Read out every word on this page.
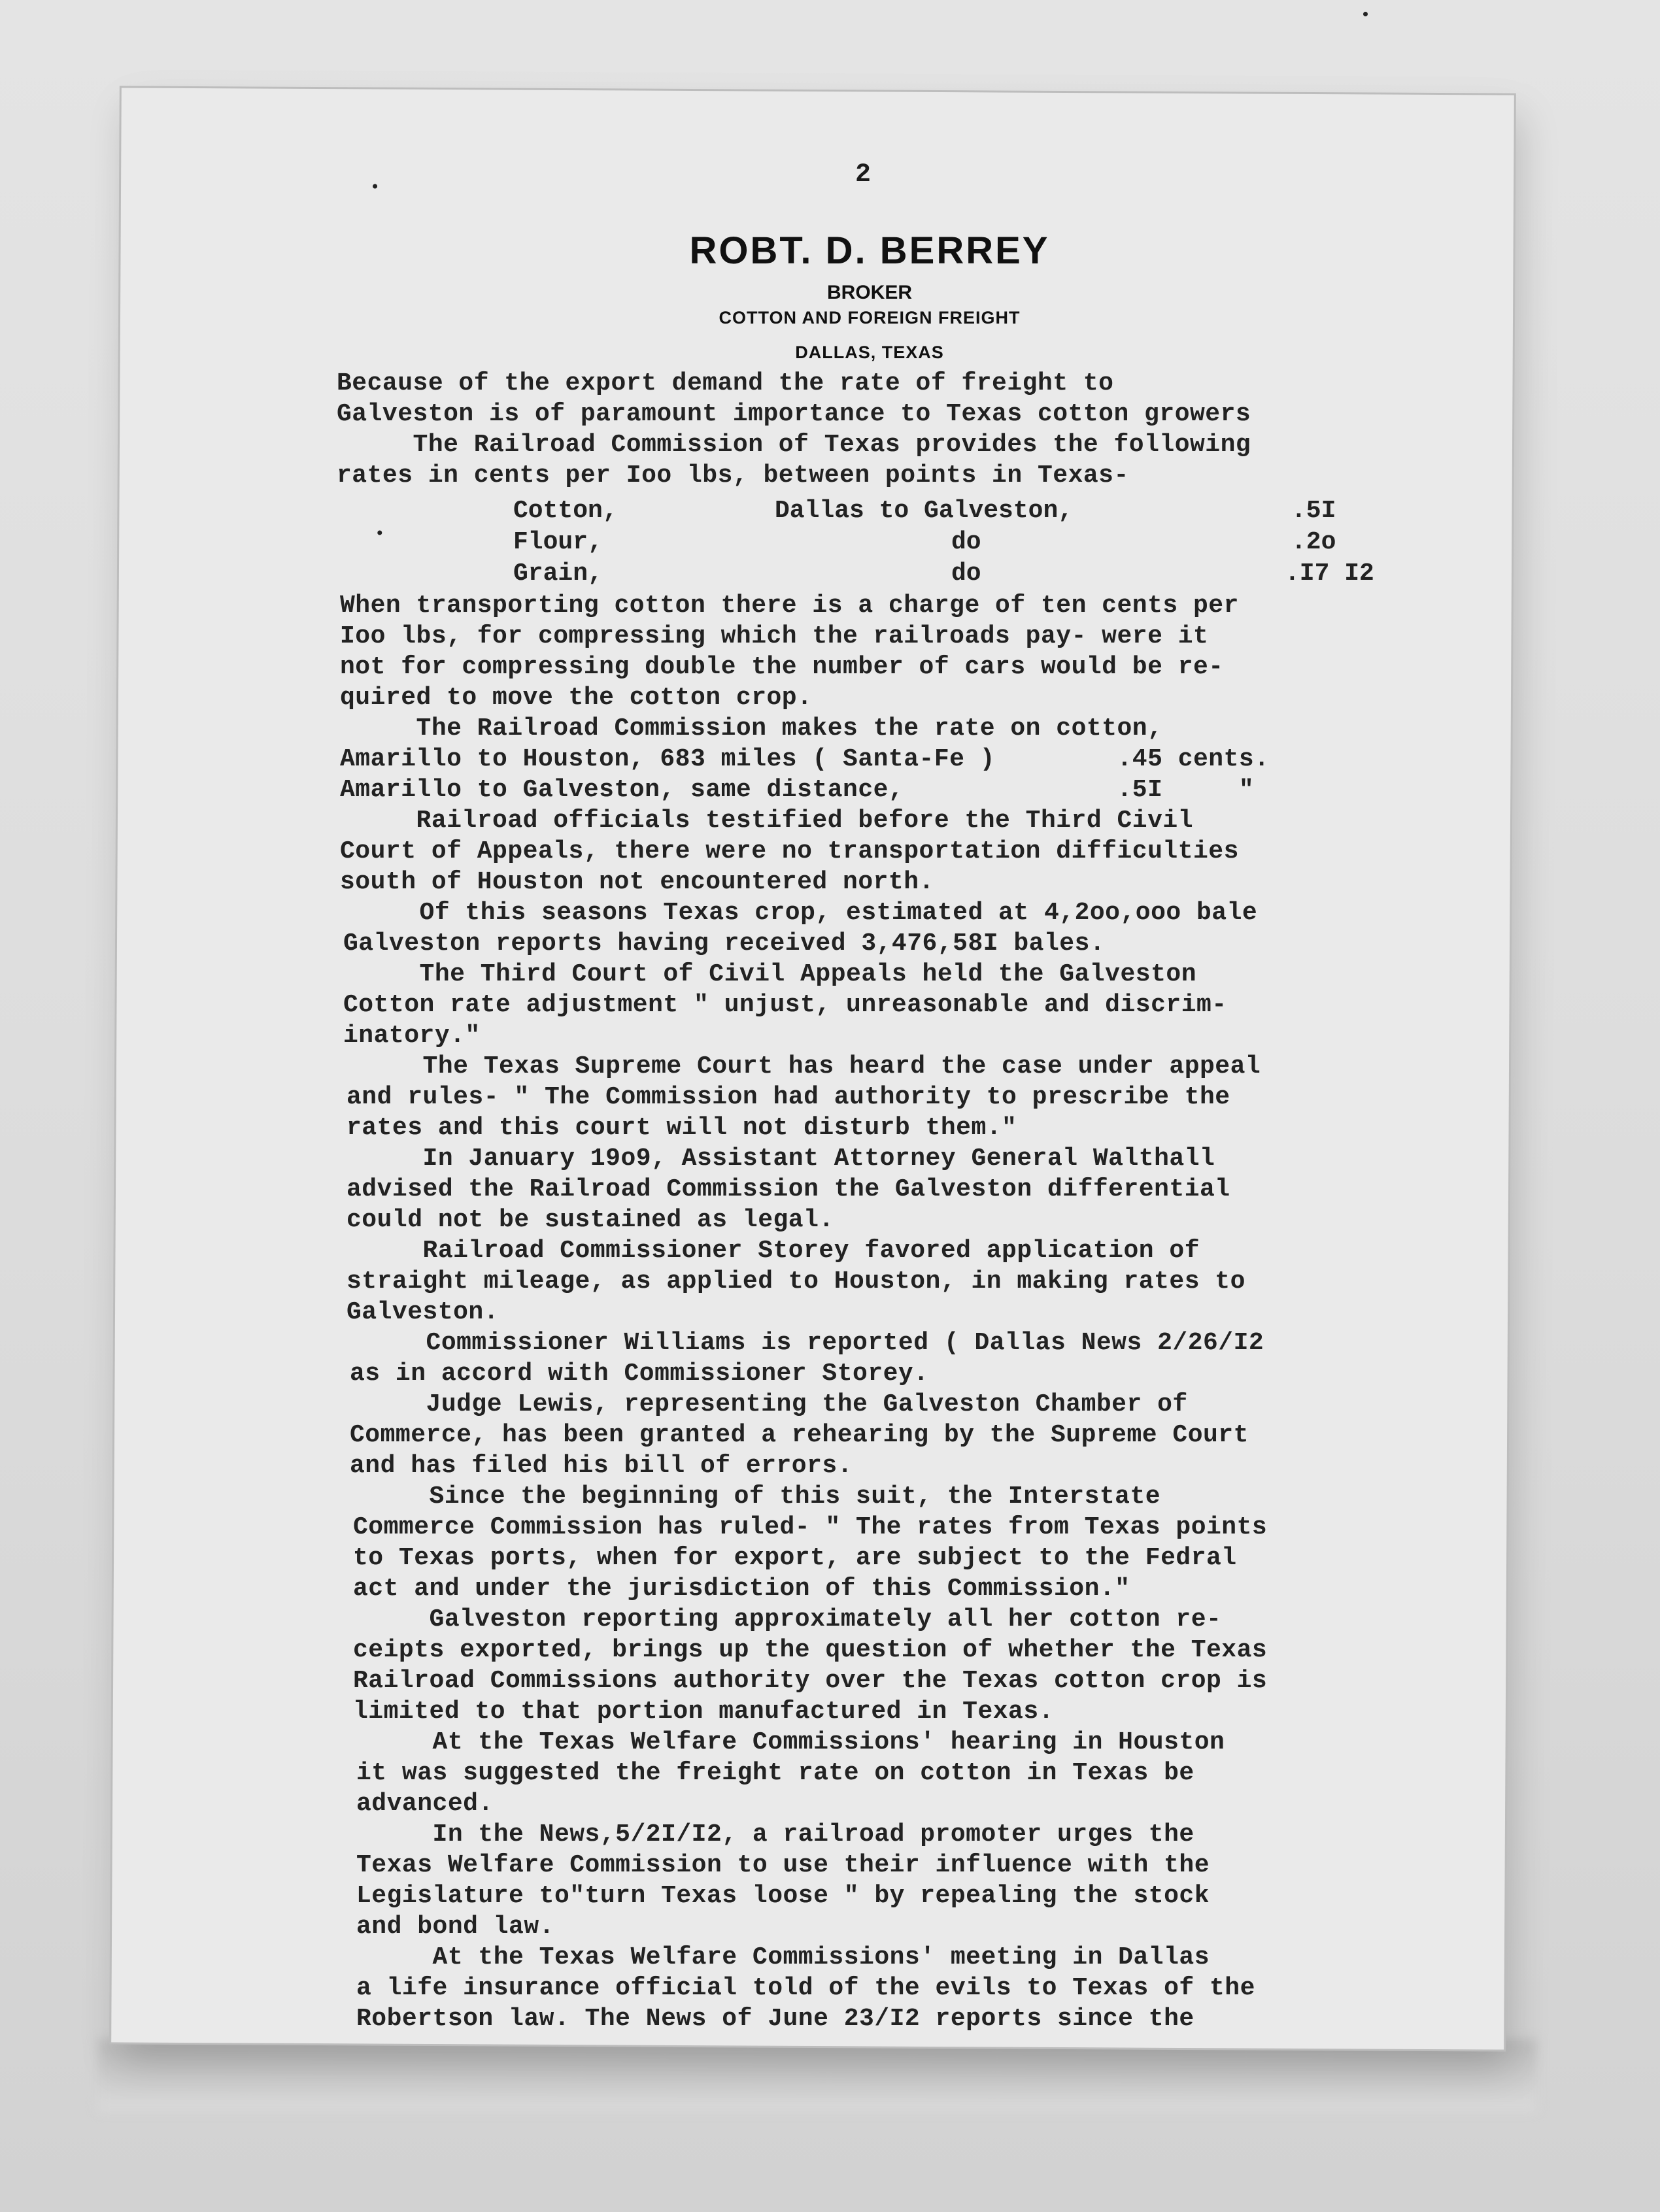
2
ROBT. D. BERREY
BROKER
COTTON AND FOREIGN FREIGHT
DALLAS, TEXAS
Because of the export demand the rate of freight to
Galveston is of paramount importance to Texas cotton growers
The Railroad Commission of Texas provides the following
rates in cents per Ioo lbs, between points in Texas-
Cotton,	Dallas to Galveston,	.5I
Flour,	do	.2o
Grain,	do	.I7 I2
When transporting cotton there is a charge of ten cents per
Ioo lbs, for compressing which the railroads pay- were it
not for compressing double the number of cars would be re-
quired to move the cotton crop.
The Railroad Commission makes the rate on cotton,
Amarillo to Houston, 683 miles ( Santa-Fe )        .45 cents.
Amarillo to Galveston, same distance,              .5I     "
Railroad officials testified before the Third Civil
Court of Appeals, there were no transportation difficulties
south of Houston not encountered north.
Of this seasons Texas crop, estimated at 4,2oo,ooo bale
Galveston reports having received 3,476,58I bales.
The Third Court of Civil Appeals held the Galveston
Cotton rate adjustment " unjust, unreasonable and discrim-
inatory."
The Texas Supreme Court has heard the case under appeal
and rules- " The Commission had authority to prescribe the
rates and this court will not disturb them."
In January 19o9, Assistant Attorney General Walthall
advised the Railroad Commission the Galveston differential
could not be sustained as legal.
Railroad Commissioner Storey favored application of
straight mileage, as applied to Houston, in making rates to
Galveston.
Commissioner Williams is reported ( Dallas News 2/26/I2
as in accord with Commissioner Storey.
Judge Lewis, representing the Galveston Chamber of
Commerce, has been granted a rehearing by the Supreme Court
and has filed his bill of errors.
Since the beginning of this suit, the Interstate
Commerce Commission has ruled- " The rates from Texas points
to Texas ports, when for export, are subject to the Fedral
act and under the jurisdiction of this Commission."
Galveston reporting approximately all her cotton re-
ceipts exported, brings up the question of whether the Texas
Railroad Commissions authority over the Texas cotton crop is
limited to that portion manufactured in Texas.
At the Texas Welfare Commissions' hearing in Houston
it was suggested the freight rate on cotton in Texas be
advanced.
In the News,5/2I/I2, a railroad promoter urges the
Texas Welfare Commission to use their influence with the
Legislature to"turn Texas loose " by repealing the stock
and bond law.
At the Texas Welfare Commissions' meeting in Dallas
a life insurance official told of the evils to Texas of the
Robertson law. The News of June 23/I2 reports since the
